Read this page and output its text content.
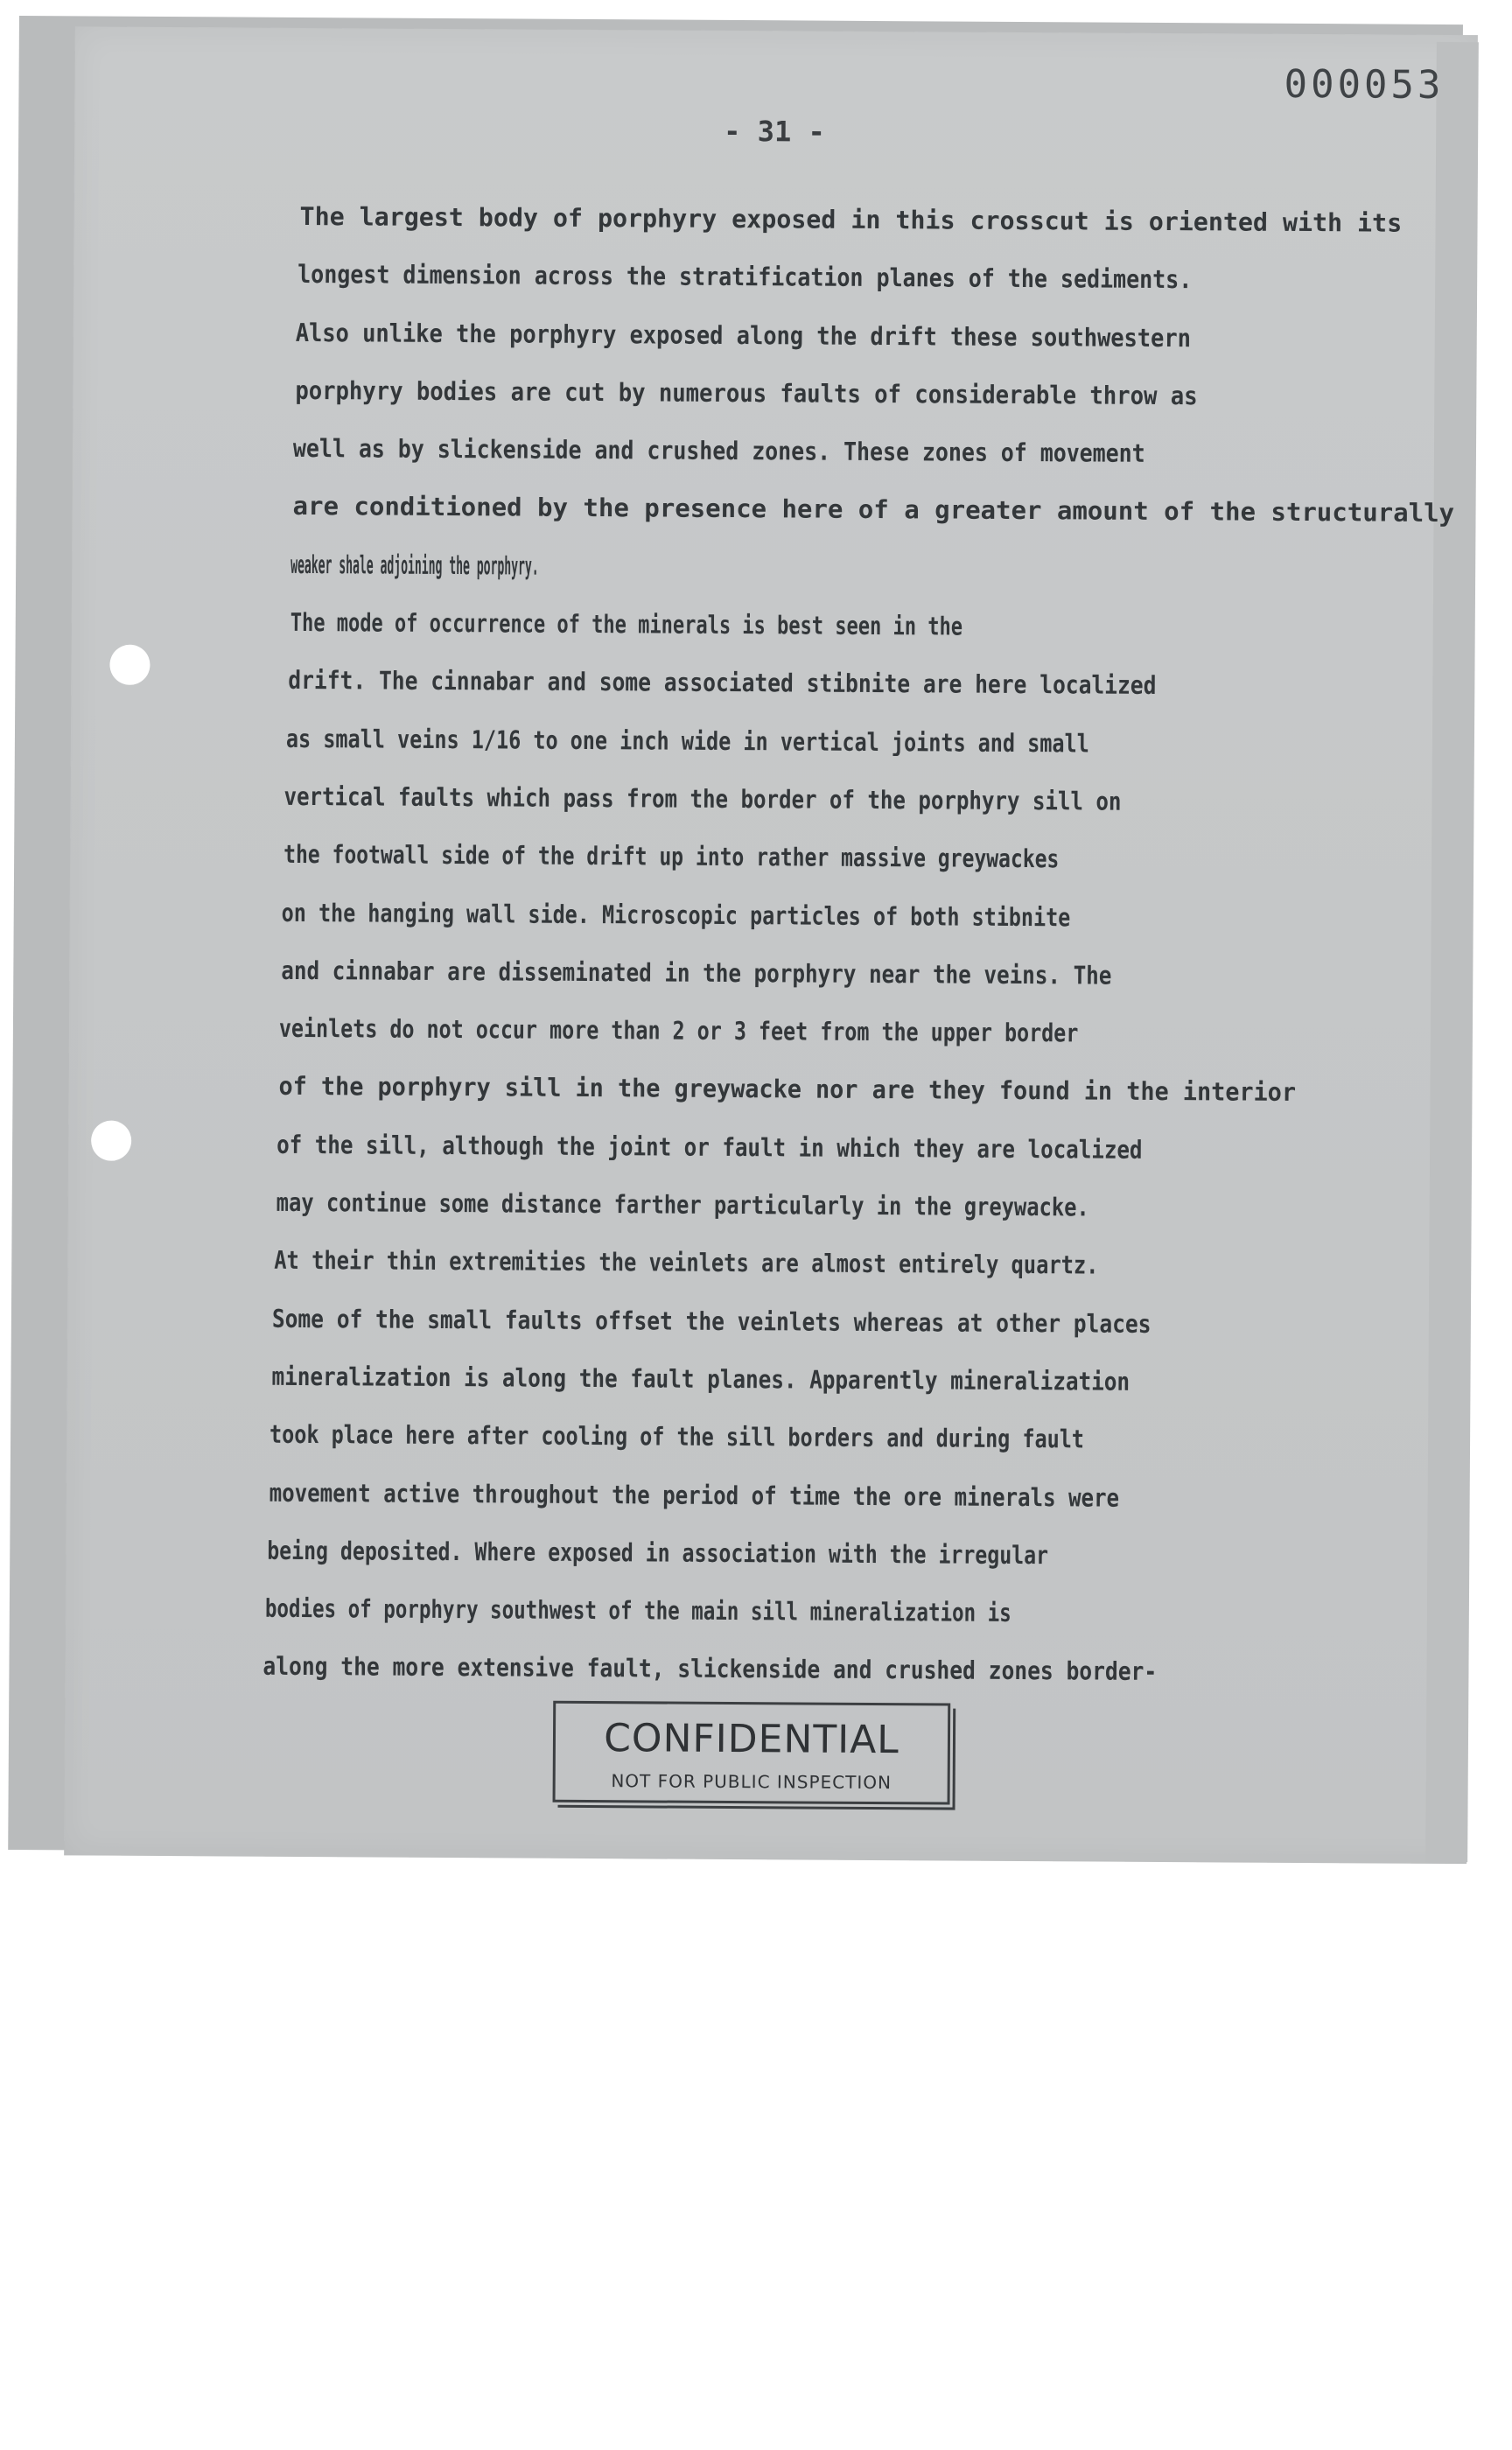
000053
- 31 -
The largest body of porphyry exposed in this crosscut is oriented with its
longest dimension across the stratification planes of the sediments.
Also unlike the porphyry exposed along the drift these southwestern
porphyry bodies are cut by numerous faults of considerable throw as
well as by slickenside and crushed zones. These zones of movement
are conditioned by the presence here of a greater amount of the structurally
weaker shale adjoining the porphyry.
The mode of occurrence of the minerals is best seen in the
drift. The cinnabar and some associated stibnite are here localized
as small veins 1/16 to one inch wide in vertical joints and small
vertical faults which pass from the border of the porphyry sill on
the footwall side of the drift up into rather massive greywackes
on the hanging wall side. Microscopic particles of both stibnite
and cinnabar are disseminated in the porphyry near the veins. The
veinlets do not occur more than 2 or 3 feet from the upper border
of the porphyry sill in the greywacke nor are they found in the interior
of the sill, although the joint or fault in which they are localized
may continue some distance farther particularly in the greywacke.
At their thin extremities the veinlets are almost entirely quartz.
Some of the small faults offset the veinlets whereas at other places
mineralization is along the fault planes. Apparently mineralization
took place here after cooling of the sill borders and during fault
movement active throughout the period of time the ore minerals were
being deposited. Where exposed in association with the irregular
bodies of porphyry southwest of the main sill mineralization is
along the more extensive fault, slickenside and crushed zones border-
CONFIDENTIAL
NOT FOR PUBLIC INSPECTION
